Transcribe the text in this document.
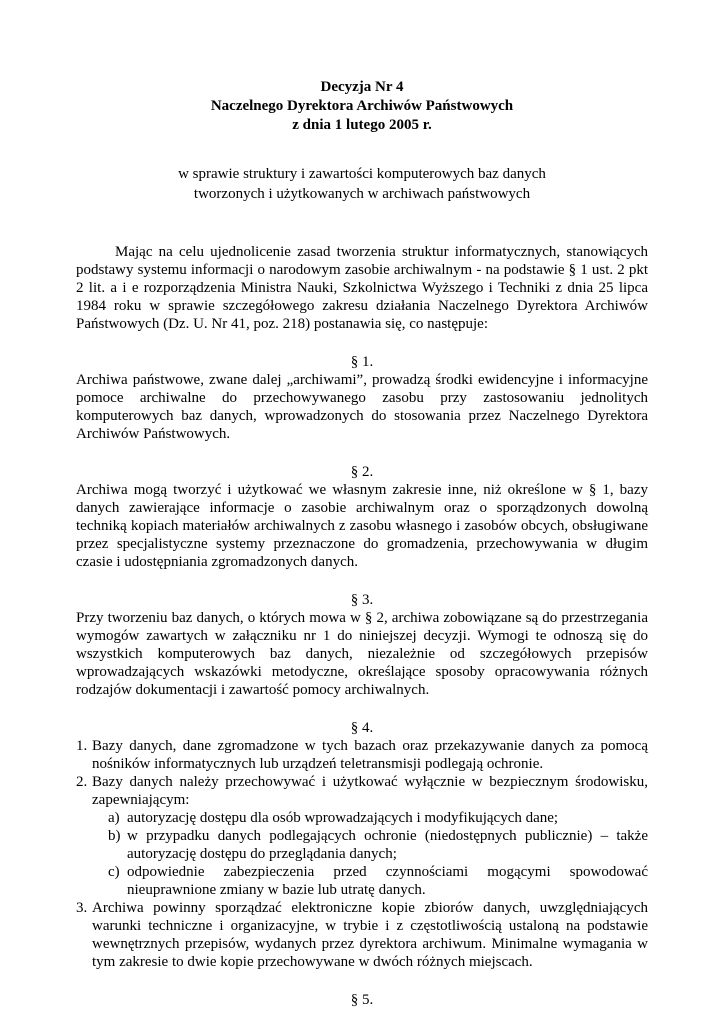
Decyzja Nr 4
Naczelnego Dyrektora Archiwów Państwowych
z dnia 1 lutego 2005 r.
w sprawie struktury i zawartości komputerowych baz danych
tworzonych i użytkowanych w archiwach państwowych

Mając na celu ujednolicenie zasad tworzenia struktur informatycznych, stanowiących podstawy systemu informacji o narodowym zasobie archiwalnym - na podstawie § 1 ust. 2 pkt 2 lit. a i e rozporządzenia Ministra Nauki, Szkolnictwa Wyższego i Techniki z dnia 25 lipca 1984 roku w sprawie szczegółowego zakresu działania Naczelnego Dyrektora Archiwów Państwowych (Dz. U. Nr 41, poz. 218) postanawia się, co następuje:

§ 1.

Archiwa państwowe, zwane dalej „archiwami”, prowadzą środki ewidencyjne i informacyjne pomoce archiwalne do przechowywanego zasobu przy zastosowaniu jednolitych komputerowych baz danych, wprowadzonych do stosowania przez Naczelnego Dyrektora Archiwów Państwowych.

§ 2.

Archiwa mogą tworzyć i użytkować we własnym zakresie inne, niż określone w § 1, bazy danych zawierające informacje o zasobie archiwalnym oraz o sporządzonych dowolną techniką kopiach materiałów archiwalnych z zasobu własnego i zasobów obcych, obsługiwane przez specjalistyczne systemy przeznaczone do gromadzenia, przechowywania w długim czasie i udostępniania zgromadzonych danych.

§ 3.

Przy tworzeniu baz danych, o których mowa w § 2, archiwa zobowiązane są do przestrzegania wymogów zawartych w załączniku nr 1 do niniejszej decyzji. Wymogi te odnoszą się do wszystkich komputerowych baz danych, niezależnie od szczegółowych przepisów wprowadzających wskazówki metodyczne, określające sposoby opracowywania różnych rodzajów dokumentacji i zawartość pomocy archiwalnych.

§ 4.
1. Bazy danych, dane zgromadzone w tych bazach oraz przekazywanie danych za pomocą nośników informatycznych lub urządzeń teletransmisji podlegają ochronie.
2. Bazy danych należy przechowywać i użytkować wyłącznie w bezpiecznym środowisku, zapewniającym:
a) autoryzację dostępu dla osób wprowadzających i modyfikujących dane;
b) w przypadku danych podlegających ochronie (niedostępnych publicznie) – także autoryzację dostępu do przeglądania danych;
c) odpowiednie zabezpieczenia przed czynnościami mogącymi spowodować nieuprawnione zmiany w bazie lub utratę danych.
3. Archiwa powinny sporządzać elektroniczne kopie zbiorów danych, uwzględniających warunki techniczne i organizacyjne, w trybie i z częstotliwością ustaloną na podstawie wewnętrznych przepisów, wydanych przez dyrektora archiwum. Minimalne wymagania w tym zakresie to dwie kopie przechowywane w dwóch różnych miejscach.
§ 5.
